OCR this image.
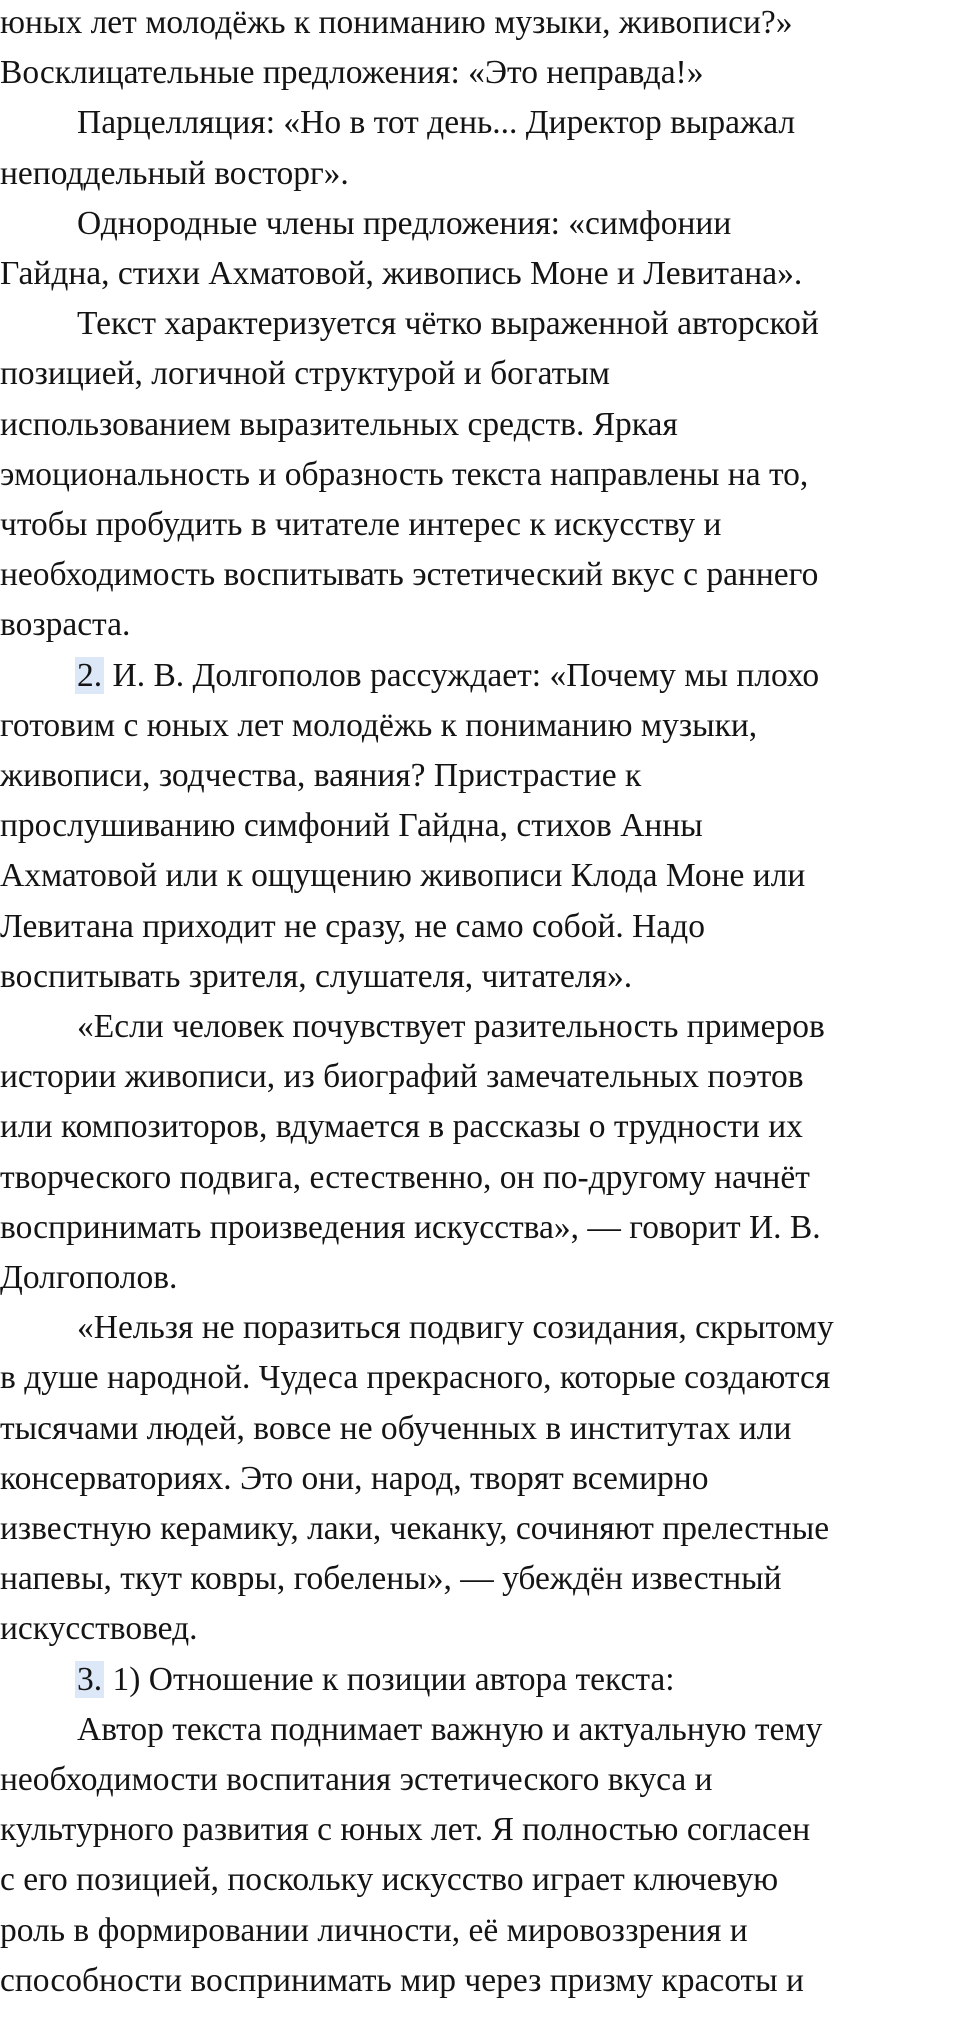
юных лет молодёжь к пониманию музыки, живописи?»
Восклицательные предложения: «Это неправда!»
Парцелляция: «Но в тот день... Директор выражал
неподдельный восторг».
Однородные члены предложения: «симфонии
Гайдна, стихи Ахматовой, живопись Моне и Левитана».
Текст характеризуется чётко выраженной авторской
позицией, логичной структурой и богатым
использованием выразительных средств. Яркая
эмоциональность и образность текста направлены на то,
чтобы пробудить в читателе интерес к искусству и
необходимость воспитывать эстетический вкус с раннего
возраста.
2. И. В. Долгополов рассуждает: «Почему мы плохо
готовим с юных лет молодёжь к пониманию музыки,
живописи, зодчества, ваяния? Пристрастие к
прослушиванию симфоний Гайдна, стихов Анны
Ахматовой или к ощущению живописи Клода Моне или
Левитана приходит не сразу, не само собой. Надо
воспитывать зрителя, слушателя, читателя».
«Если человек почувствует разительность примеров
истории живописи, из биографий замечательных поэтов
или композиторов, вдумается в рассказы о трудности их
творческого подвига, естественно, он по-другому начнёт
воспринимать произведения искусства», — говорит И. В.
Долгополов.
«Нельзя не поразиться подвигу созидания, скрытому
в душе народной. Чудеса прекрасного, которые создаются
тысячами людей, вовсе не обученных в институтах или
консерваториях. Это они, народ, творят всемирно
известную керамику, лаки, чеканку, сочиняют прелестные
напевы, ткут ковры, гобелены», — убеждён известный
искусствовед.
3. 1) Отношение к позиции автора текста:
Автор текста поднимает важную и актуальную тему
необходимости воспитания эстетического вкуса и
культурного развития с юных лет. Я полностью согласен
с его позицией, поскольку искусство играет ключевую
роль в формировании личности, её мировоззрения и
способности воспринимать мир через призму красоты и
